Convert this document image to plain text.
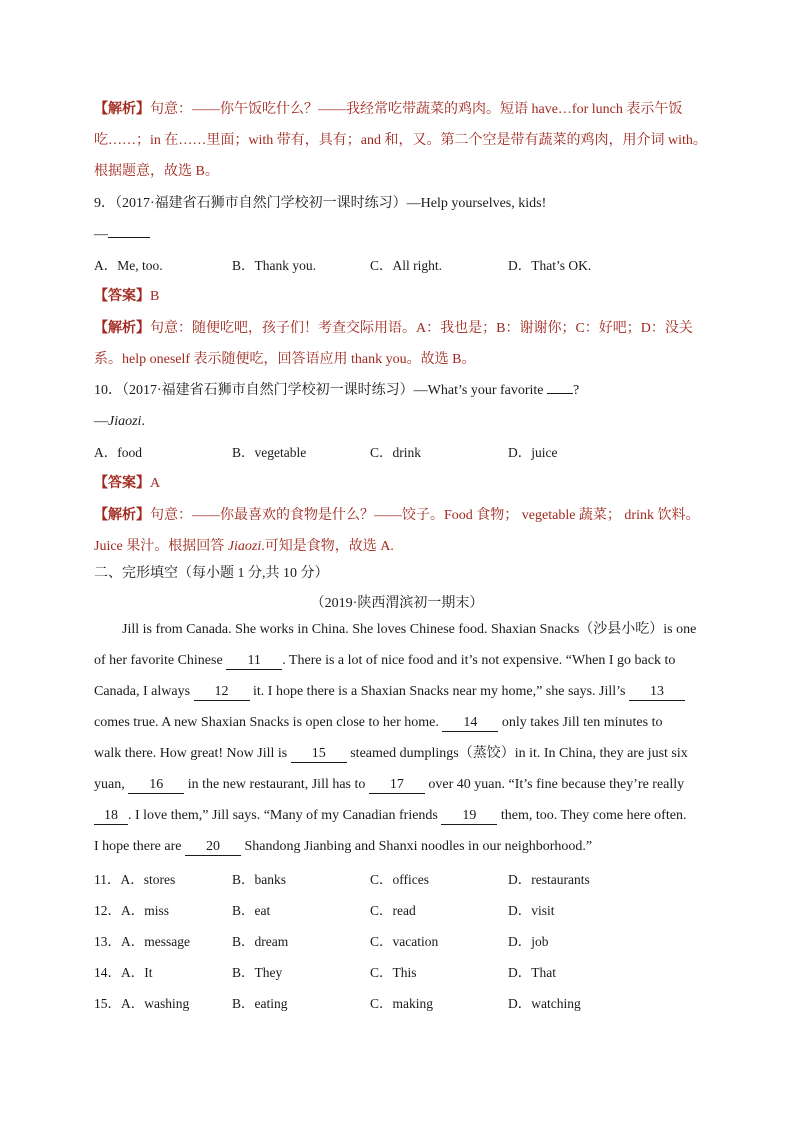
【解析】句意：——你午饭吃什么？——我经常吃带蔬菜的鸡肉。短语 have…for lunch 表示午饭
吃……；in 在……里面；with 带有，具有；and 和，又。第二个空是带有蔬菜的鸡肉，用介词 with。
根据题意，故选 B。
9．（2017·福建省石狮市自然门学校初一课时练习）—Help yourselves, kids!
—
A．Me, too.	B．Thank you.	C．All right.	D．That’s OK.
【答案】B
【解析】句意：随便吃吧，孩子们！考查交际用语。A：我也是；B：谢谢你；C：好吧；D：没关
系。help oneself 表示随便吃，回答语应用 thank you。故选 B。
10．（2017·福建省石狮市自然门学校初一课时练习）—What’s your favorite ?
—Jiaozi.
A．food	B．vegetable	C．drink	D．juice
【答案】A
【解析】句意：——你最喜欢的食物是什么？——饺子。Food 食物； vegetable 蔬菜； drink 饮料。
Juice 果汁。根据回答 Jiaozi.可知是食物，故选 A.
二、完形填空（每小题 1 分,共 10 分）
（2019·陕西渭滨初一期末）
Jill is from Canada. She works in China. She loves Chinese food. Shaxian Snacks（沙县小吃）is one
of her favorite Chinese 11 . There is a lot of nice food and it’s not expensive. “When I go back to
Canada, I always 12 it. I hope there is a Shaxian Snacks near my home,” she says. Jill’s 13
comes true. A new Shaxian Snacks is open close to her home. 14 only takes Jill ten minutes to
walk there. How great! Now Jill is 15 steamed dumplings（蒸饺）in it. In China, they are just six
yuan, 16 in the new restaurant, Jill has to 17 over 40 yuan. “It’s fine because they’re really
18 . I love them,” Jill says. “Many of my Canadian friends 19 them, too. They come here often.
I hope there are 20 Shandong Jianbing and Shanxi noodles in our neighborhood.”
11．A．stores	B．banks	C．offices	D．restaurants
12．A．miss	B．eat	C．read	D．visit
13．A．message	B．dream	C．vacation	D．job
14．A．It	B．They	C．This	D．That
15．A．washing	B．eating	C．making	D．watching
